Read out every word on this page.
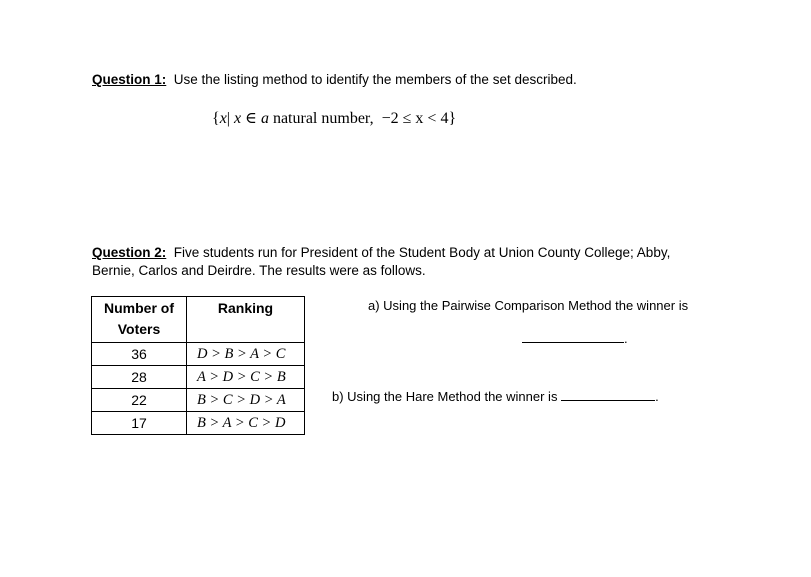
Question 1: Use the listing method to identify the members of the set described.
{x| x ∈ a natural number, −2 ≤ x < 4}
Question 2: Five students run for President of the Student Body at Union County College; Abby, Bernie, Carlos and Deirdre. The results were as follows.
Number of Voters	Ranking
36	D > B > A > C
28	A > D > C > B
22	B > C > D > A
17	B > A > C > D
a) Using the Pairwise Comparison Method the winner is
.
b) Using the Hare Method the winner is	.
